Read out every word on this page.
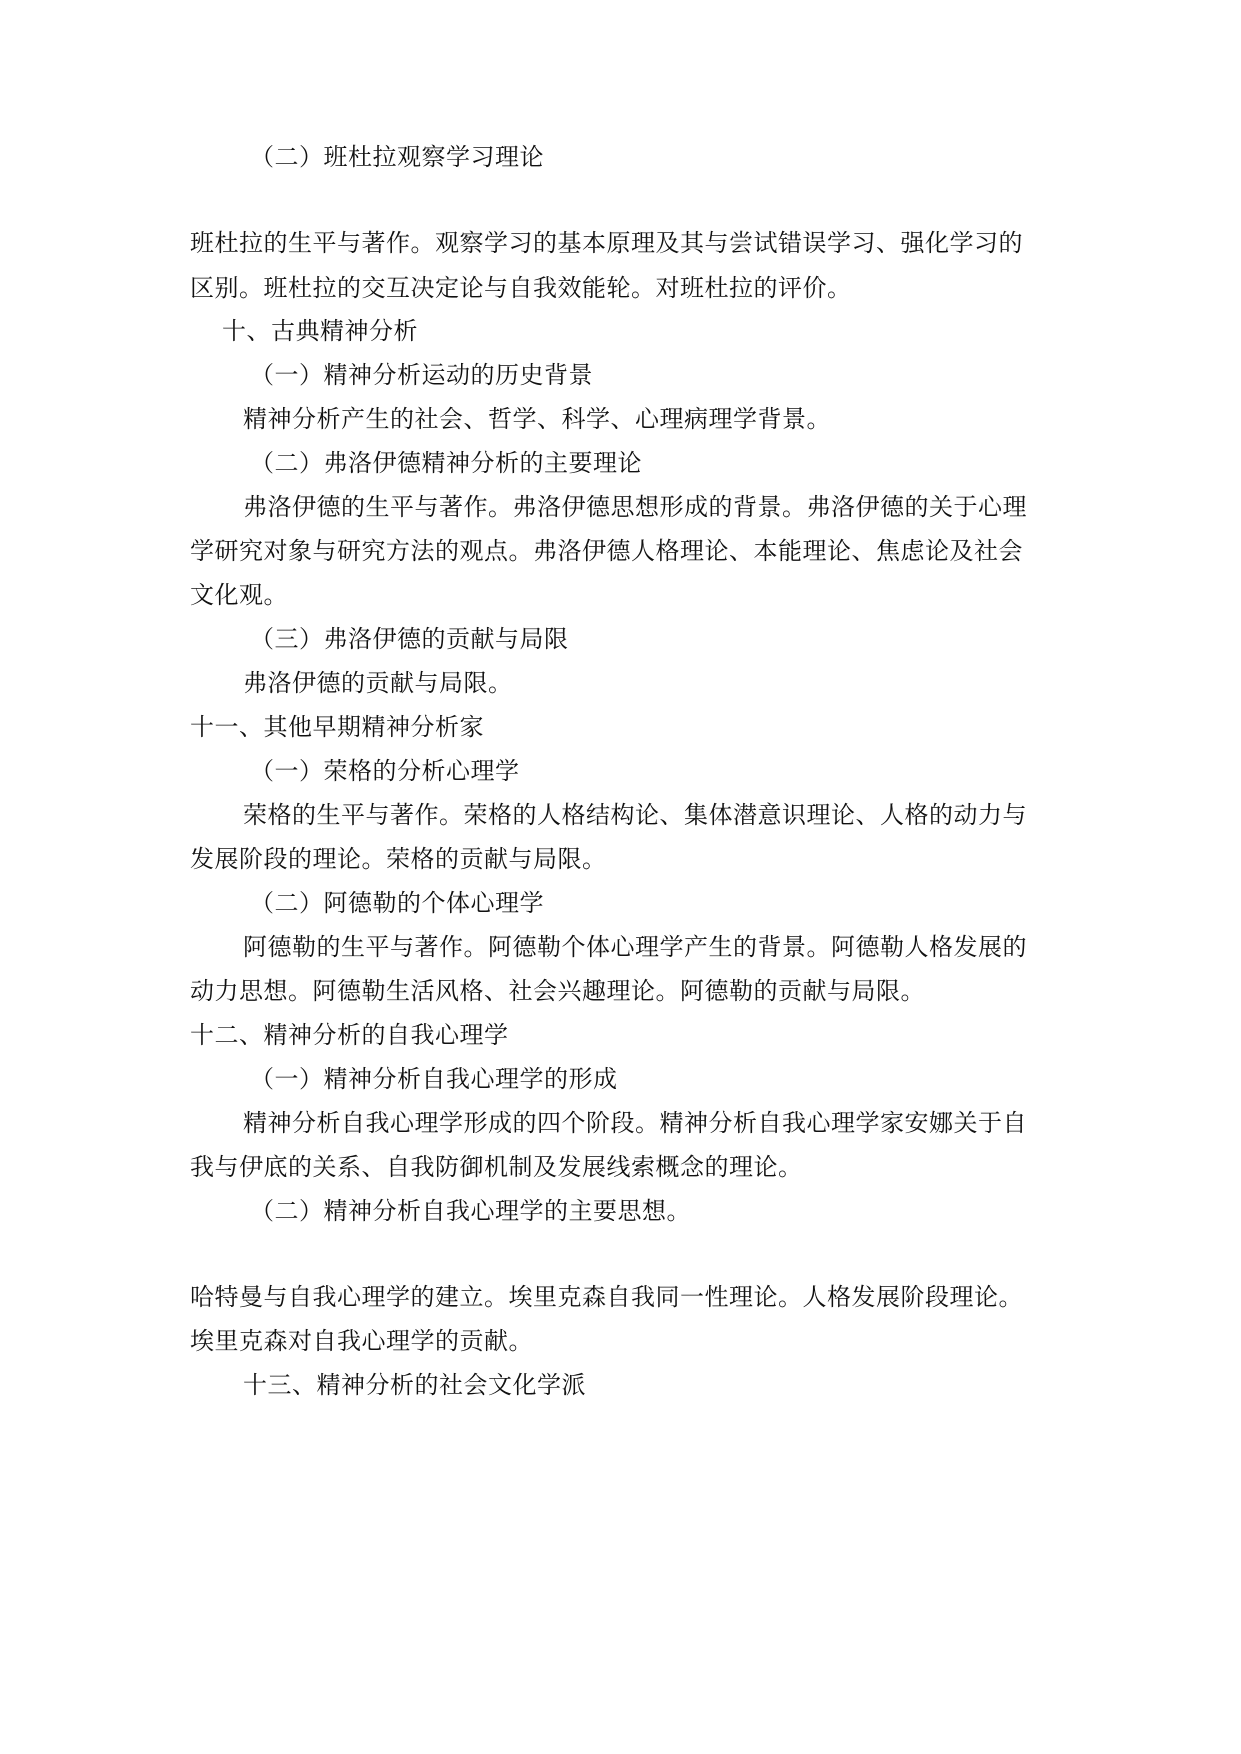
（二）班杜拉观察学习理论
班杜拉的生平与著作。观察学习的基本原理及其与尝试错误学习、强化学习的
区别。班杜拉的交互决定论与自我效能轮。对班杜拉的评价。
十、古典精神分析
（一）精神分析运动的历史背景
精神分析产生的社会、哲学、科学、心理病理学背景。
（二）弗洛伊德精神分析的主要理论
弗洛伊德的生平与著作。弗洛伊德思想形成的背景。弗洛伊德的关于心理
学研究对象与研究方法的观点。弗洛伊德人格理论、本能理论、焦虑论及社会
文化观。
（三）弗洛伊德的贡献与局限
弗洛伊德的贡献与局限。
十一、其他早期精神分析家
（一）荣格的分析心理学
荣格的生平与著作。荣格的人格结构论、集体潜意识理论、人格的动力与
发展阶段的理论。荣格的贡献与局限。
（二）阿德勒的个体心理学
阿德勒的生平与著作。阿德勒个体心理学产生的背景。阿德勒人格发展的
动力思想。阿德勒生活风格、社会兴趣理论。阿德勒的贡献与局限。
十二、精神分析的自我心理学
（一）精神分析自我心理学的形成
精神分析自我心理学形成的四个阶段。精神分析自我心理学家安娜关于自
我与伊底的关系、自我防御机制及发展线索概念的理论。
（二）精神分析自我心理学的主要思想。
哈特曼与自我心理学的建立。埃里克森自我同一性理论。人格发展阶段理论。
埃里克森对自我心理学的贡献。
十三、精神分析的社会文化学派
